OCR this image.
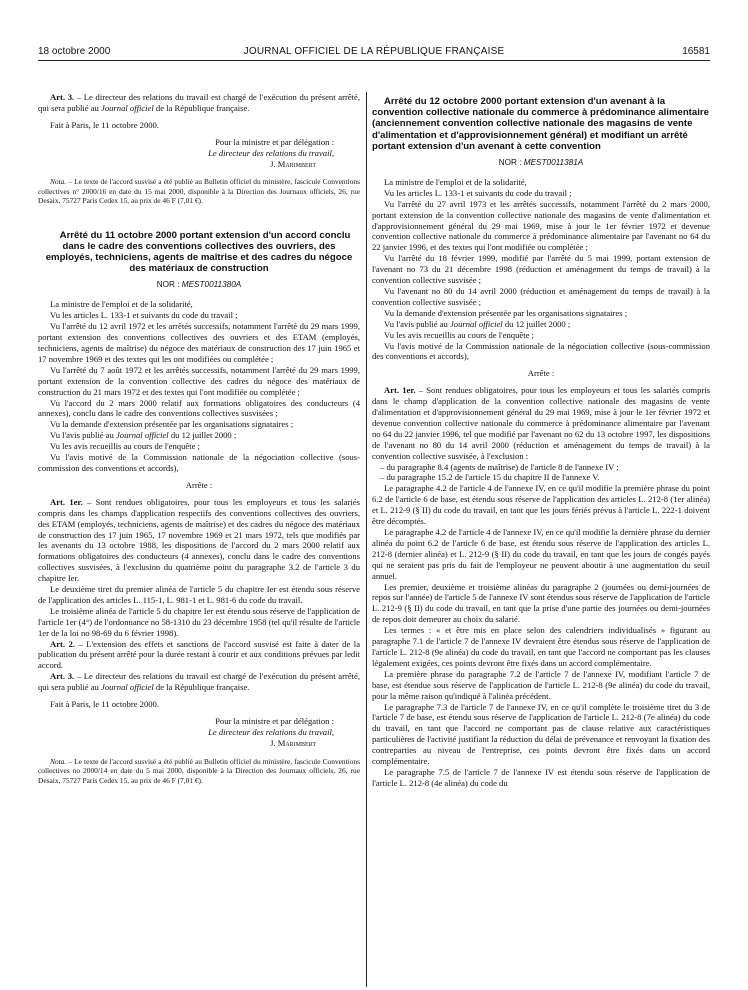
18 octobre 2000	JOURNAL OFFICIEL DE LA RÉPUBLIQUE FRANÇAISE	16581

Art. 3. – Le directeur des relations du travail est chargé de l'exécution du présent arrêté, qui sera publié au Journal officiel de la République française.

Fait à Paris, le 11 octobre 2000.

Pour la ministre et par délégation :

Le directeur des relations du travail,

J. Marimbert

Nota. – Le texte de l'accord susvisé a été publié au Bulletin officiel du ministère, fascicule Conventions collectives n° 2000/16 en date du 15 mai 2000, disponible à la Direction des Journaux officiels, 26, rue Desaix, 75727 Paris Cedex 15, au prix de 46 F (7,01 €).

Arrêté du 11 octobre 2000 portant extension d'un accord conclu dans le cadre des conventions collectives des ouvriers, des employés, techniciens, agents de maîtrise et des cadres du négoce des matériaux de construction

NOR : MESТ0011380A

La ministre de l'emploi et de la solidarité,

Vu les articles L. 133-1 et suivants du code du travail ;

Vu l'arrêté du 12 avril 1972 et les arrêtés successifs, notamment l'arrêté du 29 mars 1999, portant extension des conventions collectives des ouvriers et des ETAM (employés, techniciens, agents de maîtrise) du négoce des matériaux de construction des 17 juin 1965 et 17 novembre 1969 et des textes qui les ont modifiées ou complétée ;

Vu l'arrêté du 7 août 1972 et les arrêtés successifs, notamment l'arrêté du 29 mars 1999, portant extension de la convention collective des cadres du négoce des matériaux de construction du 21 mars 1972 et des textes qui l'ont modifiée ou complétée ;

Vu l'accord du 2 mars 2000 relatif aux formations obligatoires des conducteurs (4 annexes), conclu dans le cadre des conventions collectives susvisées ;

Vu la demande d'extension présentée par les organisations signataires ;

Vu l'avis publié au Journal officiel du 12 juillet 2000 ;

Vu les avis recueillis au cours de l'enquête ;

Vu l'avis motivé de la Commission nationale de la négociation collective (sous-commission des conventions et accords),

Arrête :

Art. 1er. – Sont rendues obligatoires, pour tous les employeurs et tous les salariés compris dans les champs d'application respectifs des conventions collectives des ouvriers, des ETAM (employés, techniciens, agents de maîtrise) et des cadres du négoce des matériaux de construction des 17 juin 1965, 17 novembre 1969 et 21 mars 1972, tels que modifiés par les avenants du 13 octobre 1988, les dispositions de l'accord du 2 mars 2000 relatif aux formations obligatoires des conducteurs (4 annexes), conclu dans le cadre des conventions collectives susvisées, à l'exclusion du quatrième point du paragraphe 3.2 de l'article 3 du chapitre Ier.

Le deuxième tiret du premier alinéa de l'article 5 du chapitre Ier est étendu sous réserve de l'application des articles L. 115-1, L. 981-1 et L. 981-6 du code du travail.

Le troisième alinéa de l'article 5 du chapitre Ier est étendu sous réserve de l'application de l'article 1er (4°) de l'ordonnance no 58-1310 du 23 décembre 1958 (tel qu'il résulte de l'article 1er de la loi no 98-69 du 6 février 1998).

Art. 2. – L'extension des effets et sanctions de l'accord susvisé est faite à dater de la publication du présent arrêté pour la durée restant à courir et aux conditions prévues par ledit accord.

Art. 3. – Le directeur des relations du travail est chargé de l'exécution du présent arrêté, qui sera publié au Journal officiel de la République française.

Fait à Paris, le 11 octobre 2000.

Pour la ministre et par délégation :

Le directeur des relations du travail,

J. Marimbert

Nota. – Le texte de l'accord susvisé a été publié au Bulletin officiel du ministère, fascicule Conventions collectives no 2000/14 en date du 5 mai 2000, disponible à la Direction des Journaux officiels, 26, rue Desaix, 75727 Paris Cedex 15, au prix de 46 F (7,01 €).

Arrêté du 12 octobre 2000 portant extension d'un avenant à la convention collective nationale du commerce à prédominance alimentaire (anciennement convention collective nationale des magasins de vente d'alimentation et d'approvisionnement général) et modifiant un arrêté portant extension d'un avenant à cette convention

NOR : MEST0011381A

La ministre de l'emploi et de la solidarité,

Vu les articles L. 133-1 et suivants du code du travail ;

Vu l'arrêté du 27 avril 1973 et les arrêtés successifs, notamment l'arrêté du 2 mars 2000, portant extension de la convention collective nationale des magasins de vente d'alimentation et d'approvisionnement général du 29 mai 1969, mise à jour le 1er février 1972 et devenue convention collective nationale du commerce à prédominance alimentaire par l'avenant no 64 du 22 janvier 1996, et des textes qui l'ont modifiée ou complétée ;

Vu l'arrêté du 18 février 1999, modifié par l'arrêté du 5 mai 1999, portant extension de l'avenant no 73 du 21 décembre 1998 (réduction et aménagement du temps de travail) à la convention collective susvisée ;

Vu l'avenant no 80 du 14 avril 2000 (réduction et aménagement du temps de travail) à la convention collective susvisée ;

Vu la demande d'extension présentée par les organisations signataires ;

Vu l'avis publié au Journal officiel du 12 juillet 2000 ;

Vu les avis recueillis au cours de l'enquête ;

Vu l'avis motivé de la Commission nationale de la négociation collective (sous-commission des conventions et accords),

Arrête :

Art. 1er. – Sont rendues obligatoires, pour tous les employeurs et tous les salariés compris dans le champ d'application de la convention collective nationale des magasins de vente d'alimentation et d'approvisionnement général du 29 mai 1969, mise à jour le 1er février 1972 et devenue convention collective nationale du commerce à prédominance alimentaire par l'avenant no 64 du 22 janvier 1996, tel que modifié par l'avenant no 62 du 13 octobre 1997, les dispositions de l'avenant no 80 du 14 avril 2000 (réduction et aménagement du temps de travail) à la convention collective susvisée, à l'exclusion :

– du paragraphe 8.4 (agents de maîtrise) de l'article 8 de l'annexe IV ;

– du paragraphe 15.2 de l'article 15 du chapitre II de l'annexe V.

Le paragraphe 4.2 de l'article 4 de l'annexe IV, en ce qu'il modifie la première phrase du point 6.2 de l'article 6 de base, est étendu sous réserve de l'application des articles L. 212-8 (1er alinéa) et L. 212-9 (§ II) du code du travail, en tant que les jours fériés prévus à l'article L. 222-1 doivent être décomptés.

Le paragraphe 4.2 de l'article 4 de l'annexe IV, en ce qu'il modifie la dernière phrase du dernier alinéa du point 6.2 de l'article 6 de base, est étendu sous réserve de l'application des articles L. 212-8 (dernier alinéa) et L. 212-9 (§ II) du code du travail, en tant que les jours de congés payés qui ne seraient pas pris du fait de l'employeur ne peuvent aboutir à une augmentation du seuil annuel.

Les premier, deuxième et troisième alinéas du paragraphe 2 (journées ou demi-journées de repos sur l'année) de l'article 5 de l'annexe IV sont étendus sous réserve de l'application de l'article L. 212-9 (§ II) du code du travail, en tant que la prise d'une partie des journées ou demi-journées de repos doit demeurer au choix du salarié.

Les termes : « et être mis en place selon des calendriers individualisés » figurant au paragraphe 7.1 de l'article 7 de l'annexe IV devraient être étendus sous réserve de l'application de l'article L. 212-8 (9e alinéa) du code du travail, en tant que l'accord ne comportant pas les clauses légalement exigées, ces points devront être fixés dans un accord complémentaire.

La première phrase du paragraphe 7.2 de l'article 7 de l'annexe IV, modifiant l'article 7 de base, est étendue sous réserve de l'application de l'article L. 212-8 (9e alinéa) du code du travail, pour la même raison qu'indiqué à l'alinéa précédent.

Le paragraphe 7.3 de l'article 7 de l'annexe IV, en ce qu'il complète le troisième tiret du 3 de l'article 7 de base, est étendu sous réserve de l'application de l'article L. 212-8 (7e alinéa) du code du travail, en tant que l'accord ne comportant pas de clause relative aux caractéristiques particulières de l'activité justifiant la réduction du délai de prévenance et renvoyant la fixation des contreparties au niveau de l'entreprise, ces points devront être fixés dans un accord complémentaire.

Le paragraphe 7.5 de l'article 7 de l'annexe IV est étendu sous réserve de l'application de l'article L. 212-8 (4e alinéa) du code du
